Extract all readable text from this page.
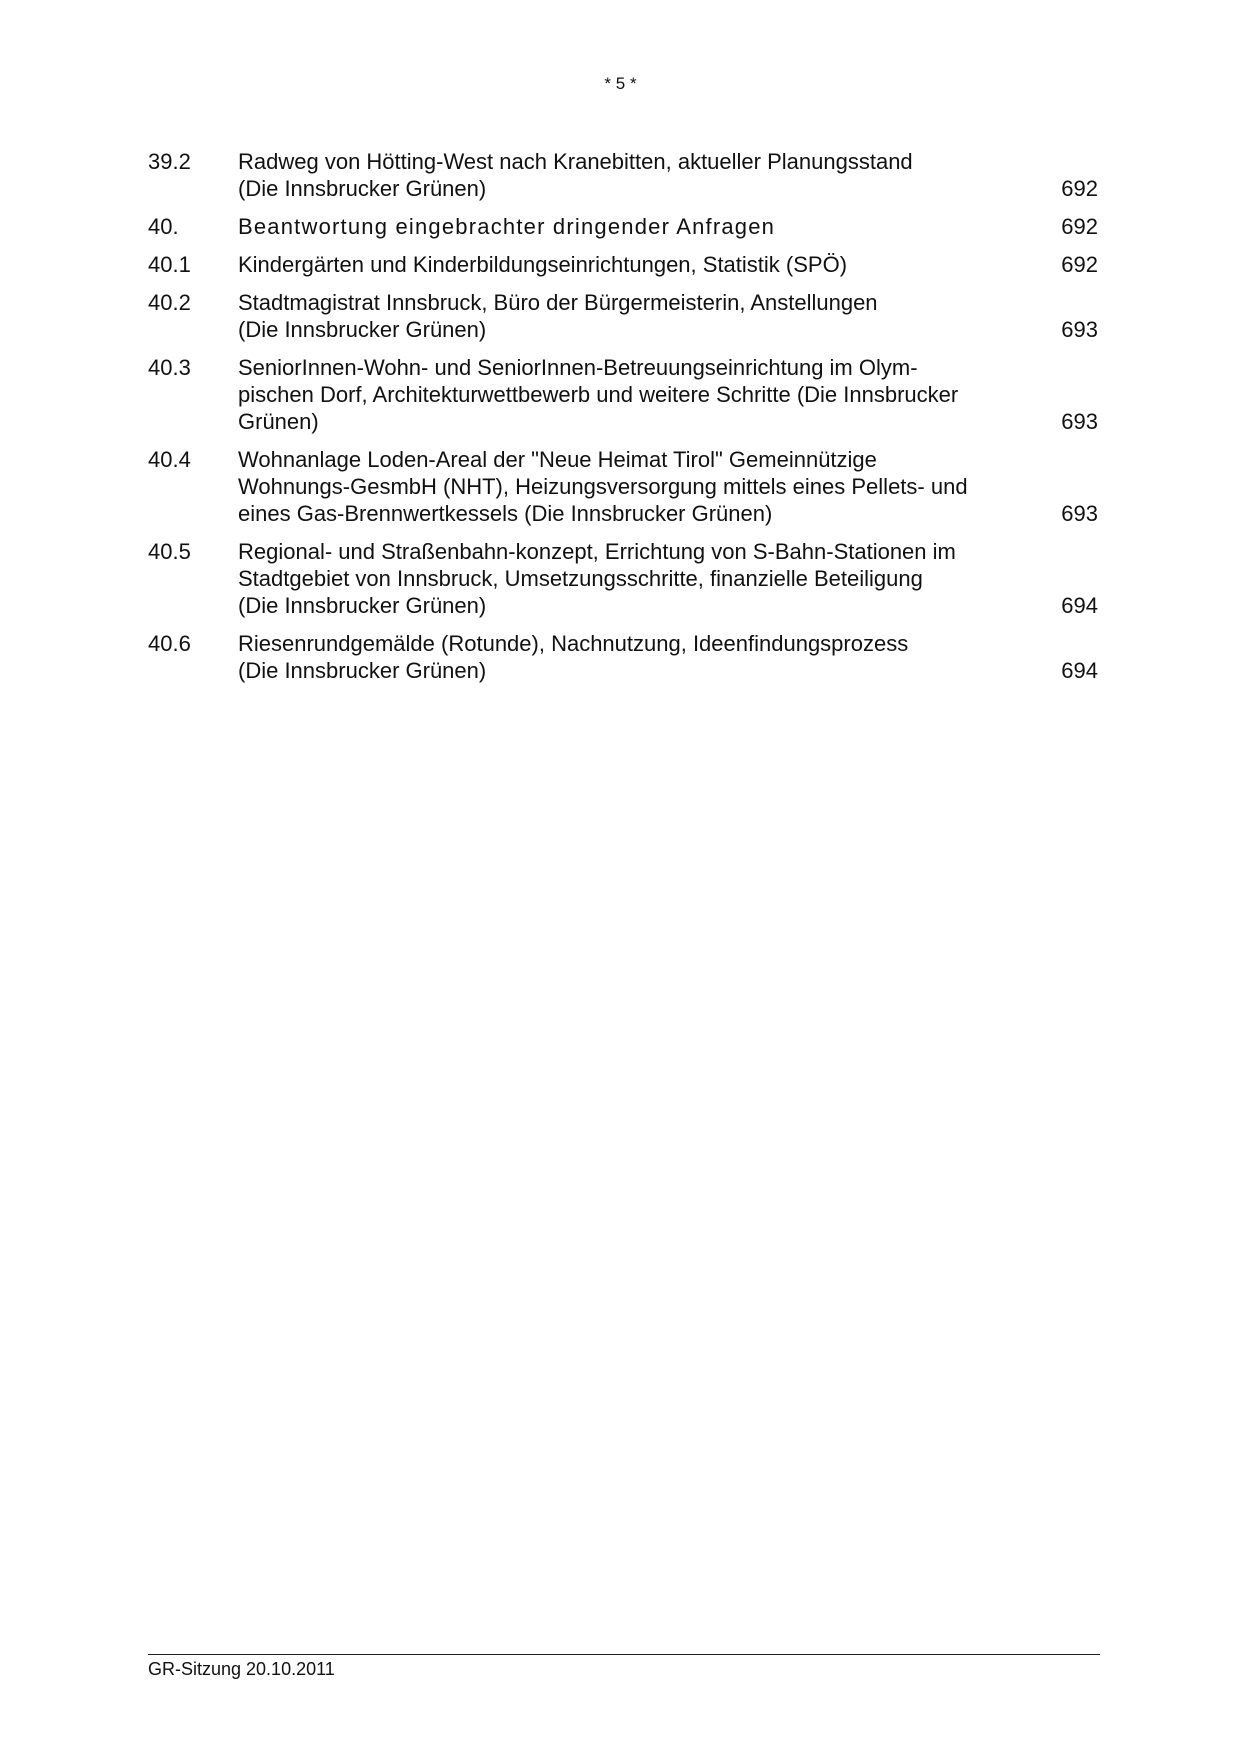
* 5 *
39.2	Radweg von Hötting-West nach Kranebitten, aktueller Planungsstand
(Die Innsbrucker Grünen)	692
40.	Beantwortung eingebrachter dringender Anfragen	692
40.1	Kindergärten und Kinderbildungseinrichtungen, Statistik (SPÖ)	692
40.2	Stadtmagistrat Innsbruck, Büro der Bürgermeisterin, Anstellungen
(Die Innsbrucker Grünen)	693
40.3	SeniorInnen-Wohn- und SeniorInnen-Betreuungseinrichtung im Olym-
pischen Dorf, Architekturwettbewerb und weitere Schritte (Die Innsbrucker
Grünen)	693
40.4	Wohnanlage Loden-Areal der "Neue Heimat Tirol" Gemeinnützige
Wohnungs-GesmbH (NHT), Heizungsversorgung mittels eines Pellets- und
eines Gas-Brennwertkessels (Die Innsbrucker Grünen)	693
40.5	Regional- und Straßenbahn-konzept, Errichtung von S-Bahn-Stationen im
Stadtgebiet von Innsbruck, Umsetzungsschritte, finanzielle Beteiligung
(Die Innsbrucker Grünen)	694
40.6	Riesenrundgemälde (Rotunde), Nachnutzung, Ideenfindungsprozess
(Die Innsbrucker Grünen)	694
GR-Sitzung 20.10.2011
